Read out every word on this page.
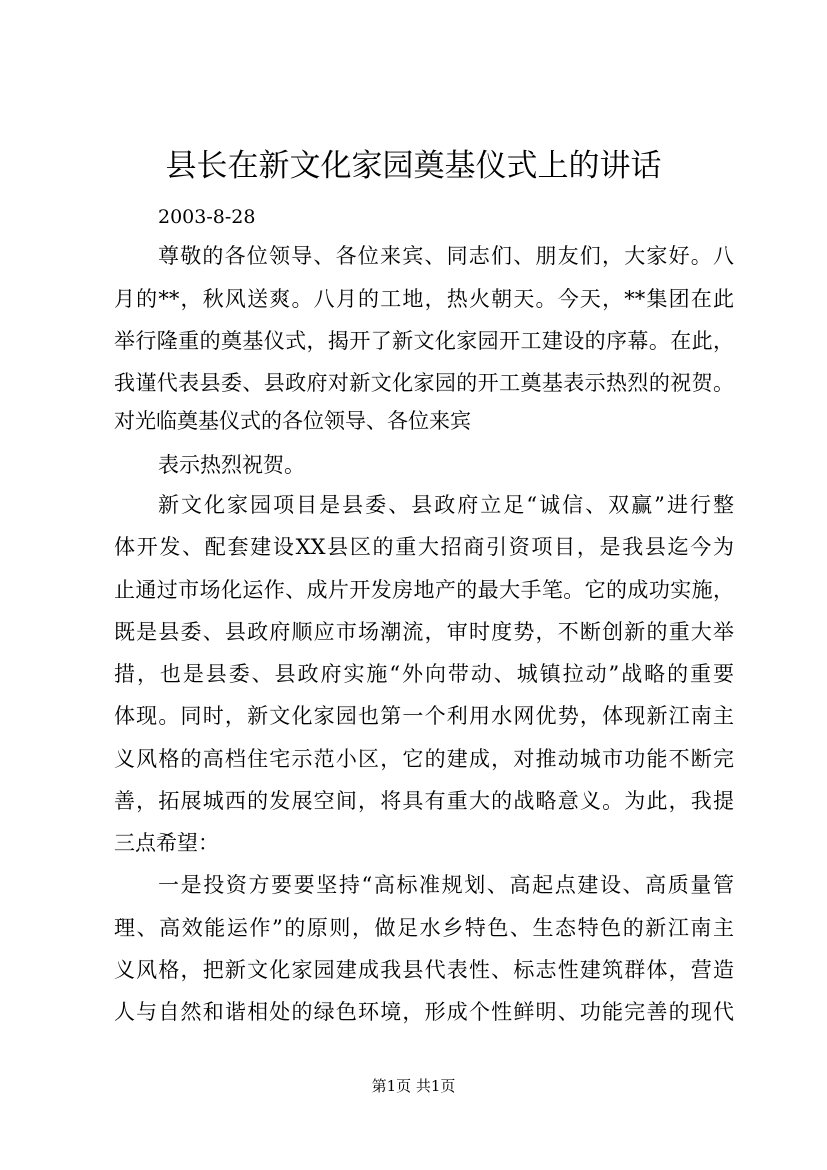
县长在新文化家园奠基仪式上的讲话

2003-8-28

尊敬的各位领导、各位来宾、同志们、朋友们，大家好。八

月的**，秋风送爽。八月的工地，热火朝天。今天，**集团在此

举行隆重的奠基仪式，揭开了新文化家园开工建设的序幕。在此，

我谨代表县委、县政府对新文化家园的开工奠基表示热烈的祝贺。

对光临奠基仪式的各位领导、各位来宾

表示热烈祝贺。

新文化家园项目是县委、县政府立足“诚信、双赢”进行整

体开发、配套建设XX县区的重大招商引资项目，是我县迄今为

止通过市场化运作、成片开发房地产的最大手笔。它的成功实施，

既是县委、县政府顺应市场潮流，审时度势，不断创新的重大举

措，也是县委、县政府实施“外向带动、城镇拉动”战略的重要

体现。同时，新文化家园也第一个利用水网优势，体现新江南主

义风格的高档住宅示范小区，它的建成，对推动城市功能不断完

善，拓展城西的发展空间，将具有重大的战略意义。为此，我提

三点希望：

一是投资方要要坚持“高标准规划、高起点建设、高质量管

理、高效能运作”的原则，做足水乡特色、生态特色的新江南主

义风格，把新文化家园建成我县代表性、标志性建筑群体，营造

人与自然和谐相处的绿色环境，形成个性鲜明、功能完善的现代

第1页 共1页
